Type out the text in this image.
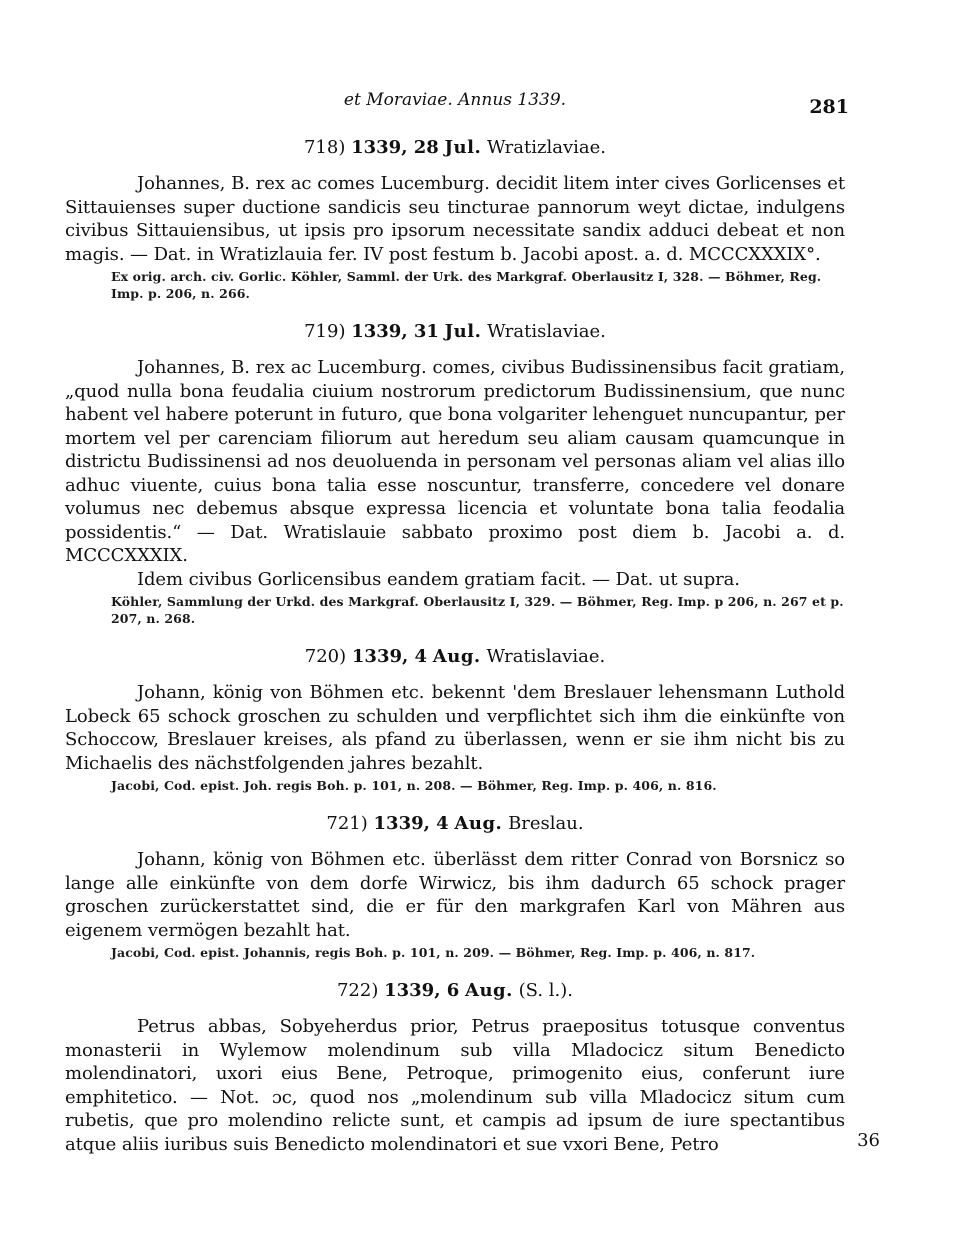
et Moraviae. Annus 1339.	281

718) 1339, 28 Jul. Wratizlaviae.

Johannes, B. rex ac comes Lucemburg. decidit litem inter cives Gorlicenses et Sittauienses super ductione sandicis seu tincturae pannorum weyt dictae, indulgens civibus Sittauiensibus, ut ipsis pro ipsorum necessitate sandix adduci debeat et non magis. — Dat. in Wratizlauia fer. IV post festum b. Jacobi apost. a. d. MCCCXXXIX°.

Ex orig. arch. civ. Gorlic. Köhler, Samml. der Urk. des Markgraf. Oberlausitz I, 328. — Böhmer, Reg. Imp. p. 206, n. 266.

719) 1339, 31 Jul. Wratislaviae.

Johannes, B. rex ac Lucemburg. comes, civibus Budissinensibus facit gratiam, „quod nulla bona feudalia ciuium nostrorum predictorum Budissinensium, que nunc habent vel habere poterunt in futuro, que bona volgariter lehenguet nuncupantur, per mortem vel per carenciam filiorum aut heredum seu aliam causam quamcunque in districtu Budissinensi ad nos deuoluenda in personam vel personas aliam vel alias illo adhuc viuente, cuius bona talia esse noscuntur, transferre, concedere vel donare volumus nec debemus absque expressa licencia et voluntate bona talia feodalia possidentis.“ — Dat. Wratislauie sabbato proximo post diem b. Jacobi a. d. MCCCXXXIX.

Idem civibus Gorlicensibus eandem gratiam facit. — Dat. ut supra.

Köhler, Sammlung der Urkd. des Markgraf. Oberlausitz I, 329. — Böhmer, Reg. Imp. p 206, n. 267 et p. 207, n. 268.

720) 1339, 4 Aug. Wratislaviae.

Johann, könig von Böhmen etc. bekennt 'dem Breslauer lehensmann Luthold Lobeck 65 schock groschen zu schulden und verpflichtet sich ihm die einkünfte von Schoccow, Breslauer kreises, als pfand zu überlassen, wenn er sie ihm nicht bis zu Michaelis des nächstfolgenden jahres bezahlt.

Jacobi, Cod. epist. Joh. regis Boh. p. 101, n. 208. — Böhmer, Reg. Imp. p. 406, n. 816.

721) 1339, 4 Aug. Breslau.

Johann, könig von Böhmen etc. überlässt dem ritter Conrad von Borsnicz so lange alle einkünfte von dem dorfe Wirwicz, bis ihm dadurch 65 schock prager groschen zurückerstattet sind, die er für den markgrafen Karl von Mähren aus eigenem vermögen bezahlt hat.

Jacobi, Cod. epist. Johannis, regis Boh. p. 101, n. 209. — Böhmer, Reg. Imp. p. 406, n. 817.

722) 1339, 6 Aug. (S. l.).

Petrus abbas, Sobyeherdus prior, Petrus praepositus totusque conventus monasterii in Wylemow molendinum sub villa Mladocicz situm Benedicto molendinatori, uxori eius Bene, Petroque, primogenito eius, conferunt iure emphitetico. — Not. ɔc, quod nos „molendinum sub villa Mladocicz situm cum rubetis, que pro molendino relicte sunt, et campis ad ipsum de iure spectantibus atque aliis iuribus suis Benedicto molendinatori et sue vxori Bene, Petro	36
